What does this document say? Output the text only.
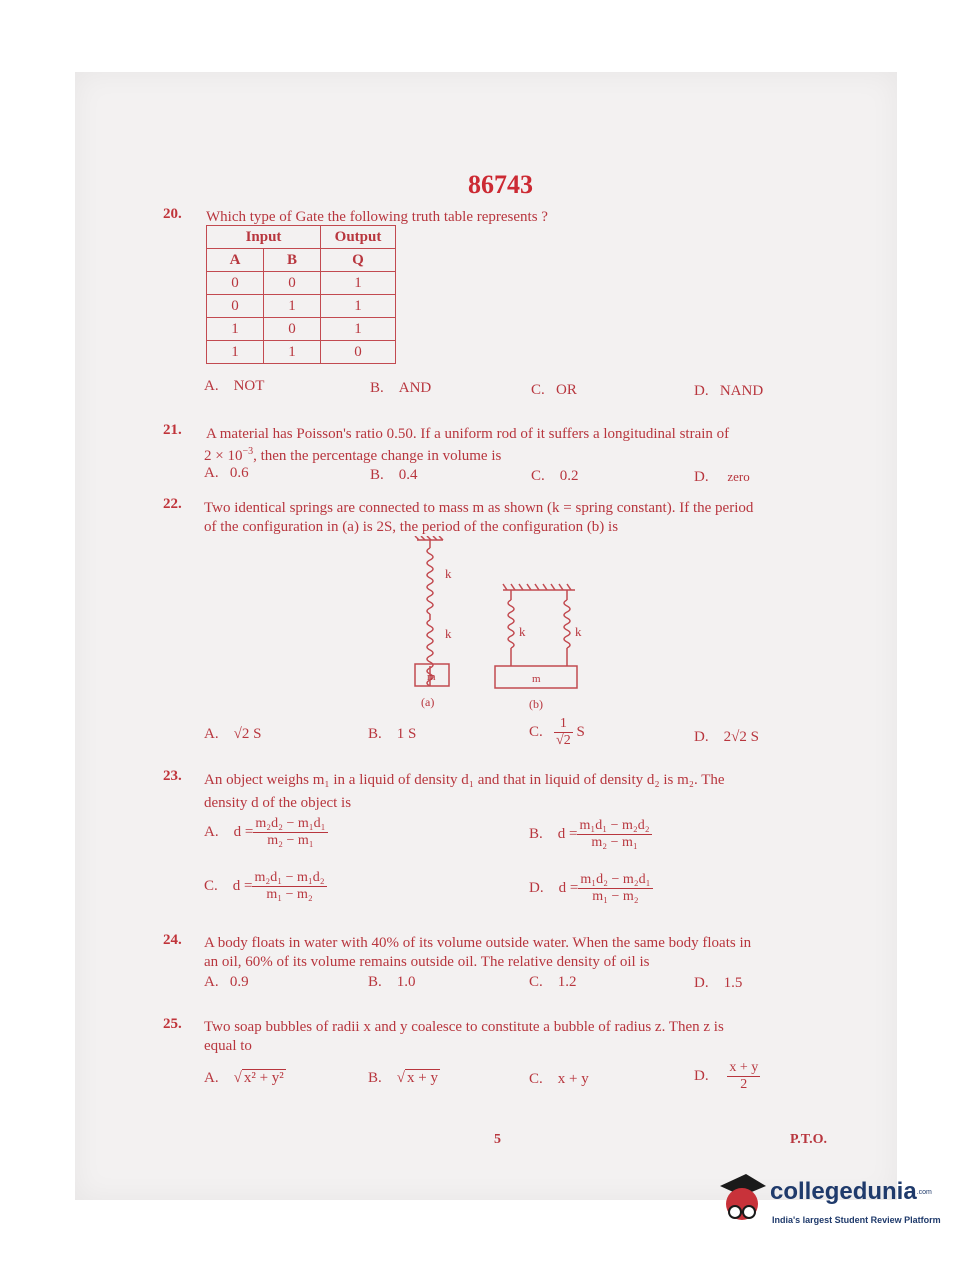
86743
20. Which type of Gate the following truth table represents ?
Input		Output
A	B	Q
0	0	1
0	1	1
1	0	1
1	1	0
A. NOT	B. AND	C. OR	D. NAND
21. A material has Poisson's ratio 0.50. If a uniform rod of it suffers a longitudinal strain of
$2 \times 10^{-3}$, then the percentage change in volume is
A. 0.6	B. 0.4	C. 0.2	D. zero
22. Two identical springs are connected to mass m as shown (k = spring constant). If the period
of the configuration in (a) is 2S, the period of the configuration (b) is
k
k
m
(a)
k	k
m
(b)
A. √2 S	B. 1 S	C. $\frac{1}{√2}$ S	D. 2√2 S
23. An object weighs m₁ in a liquid of density d₁ and that in liquid of density d₂ is m₂. The
density d of the object is
A. $d = \frac{\text{m₂d₂ − m₁d₁}}{\text{m₂ − m₁}}$	B. $d = \frac{\text{m₁d₁ − m₂d₂}}{\text{m₂ − m₁}}$
C. $d = \frac{\text{m₂d₁ − m₁d₂}}{\text{m₁ − m₂}}$	D. $d = \frac{\text{m₁d₂ − m₂d₁}}{\text{m₁ − m₂}}$
24. A body floats in water with 40% of its volume outside water. When the same body floats in
an oil, 60% of its volume remains outside oil. The relative density of oil is
A. 0.9	B. 1.0	C. 1.2	D. 1.5
25. Two soap bubbles of radii x and y coalesce to constitute a bubble of radius z. Then z is
equal to
A.    √ x² + y²	B.    √ x + y	C. x + y	D. $\frac{x + y}{2}$
5	P.T.O.
collegedunia.com
India's largest Student Review Platform
